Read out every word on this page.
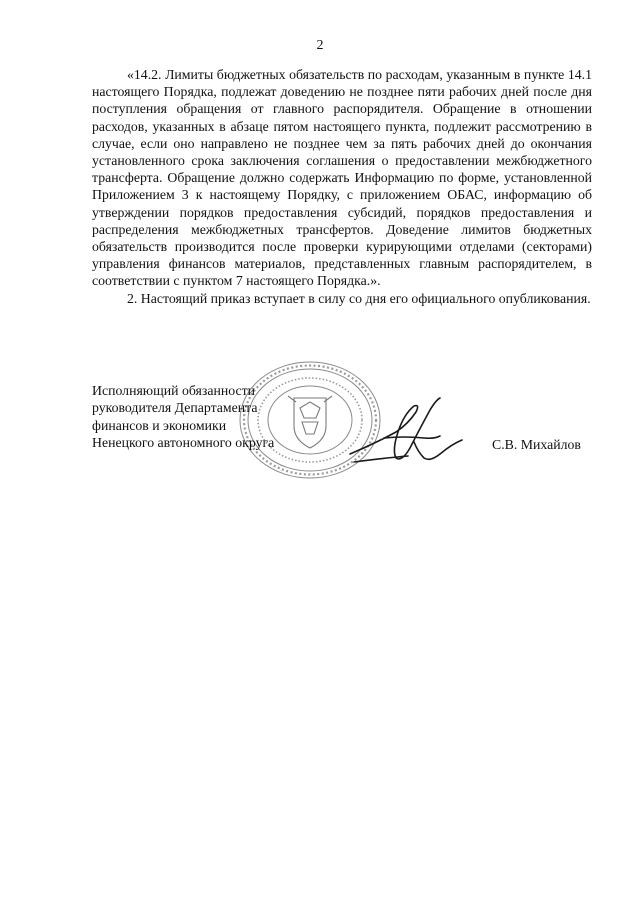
2

«14.2. Лимиты бюджетных обязательств по расходам, указанным в пункте 14.1 настоящего Порядка, подлежат доведению не позднее пяти рабочих дней после дня поступления обращения от главного распорядителя. Обращение в отношении расходов, указанных в абзаце пятом настоящего пункта, подлежит рассмотрению в случае, если оно направлено не позднее чем за пять рабочих дней до окончания установленного срока заключения соглашения о предоставлении межбюджетного трансферта. Обращение должно содержать Информацию по форме, установленной Приложением 3 к настоящему Порядку, с приложением ОБАС, информацию об утверждении порядков предоставления субсидий, порядков предоставления и распределения межбюджетных трансфертов. Доведение лимитов бюджетных обязательств производится после проверки курирующими отделами (секторами) управления финансов материалов, представленных главным распорядителем, в соответствии с пунктом 7 настоящего Порядка.».

2. Настоящий приказ вступает в силу со дня его официального опубликования.

Исполняющий обязанности
руководителя Департамента
финансов и экономики
Ненецкого автономного округа	С.В. Михайлов
